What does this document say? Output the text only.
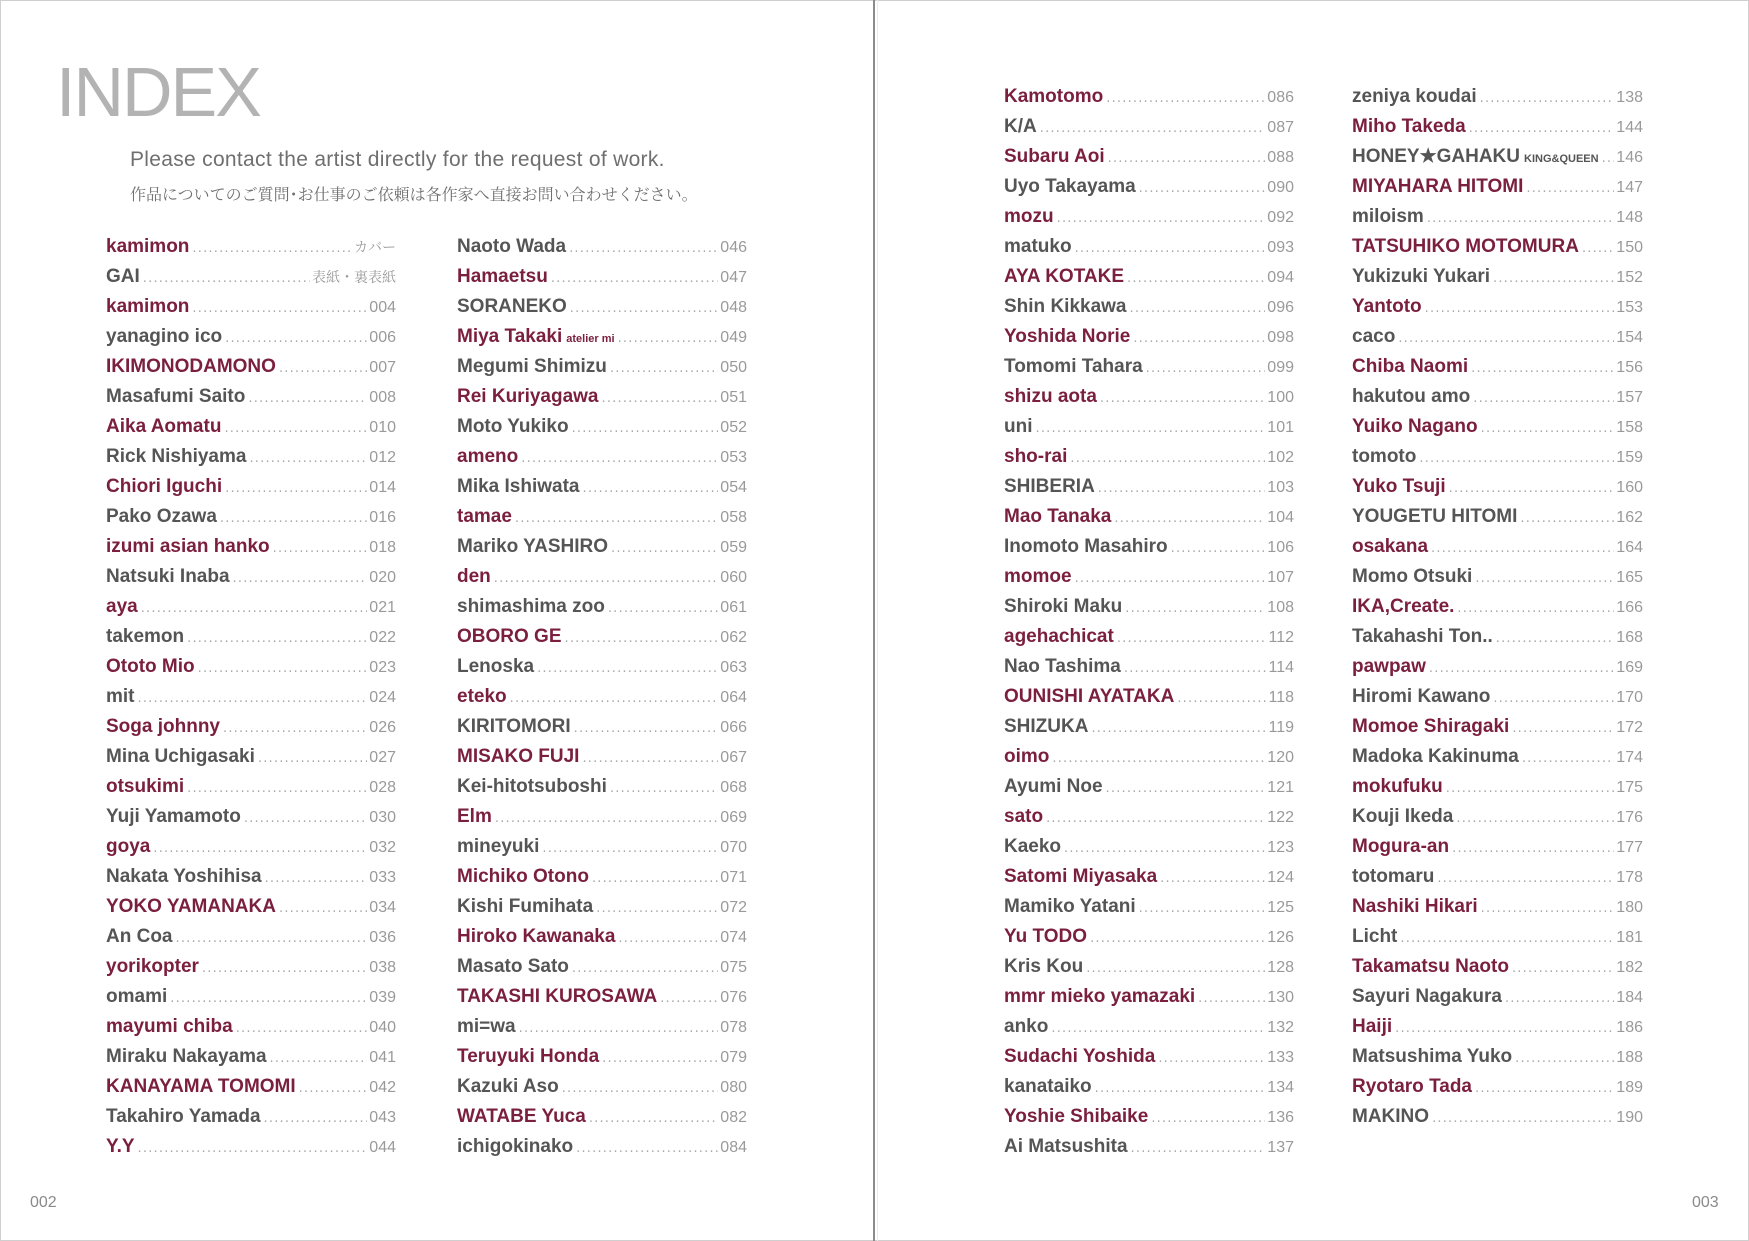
INDEX
Please contact the artist directly for the request of work.
作品についてのご質問･お仕事のご依頼は各作家へ直接お問い合わせください。
kamimon .....	カバー
GAI .....	表紙・裏表紙
kamimon .....	004
yanagino ico .....	006
IKIMONODAMONO .....	007
Masafumi Saito .....	008
Aika Aomatu .....	010
Rick Nishiyama .....	012
Chiori Iguchi .....	014
Pako Ozawa .....	016
izumi asian hanko .....	018
Natsuki Inaba .....	020
aya .....	021
takemon .....	022
Ototo Mio .....	023
mit .....	024
Soga johnny .....	026
Mina Uchigasaki .....	027
otsukimi .....	028
Yuji Yamamoto .....	030
goya .....	032
Nakata Yoshihisa .....	033
YOKO YAMANAKA .....	034
An Coa .....	036
yorikopter .....	038
omami .....	039
mayumi chiba .....	040
Miraku Nakayama .....	041
KANAYAMA TOMOMI .....	042
Takahiro Yamada .....	043
Y.Y .....	044
Naoto Wada .....	046
Hamaetsu .....	047
SORANEKO .....	048
Miya Takaki atelier mi .....	049
Megumi Shimizu .....	050
Rei Kuriyagawa .....	051
Moto Yukiko .....	052
ameno .....	053
Mika Ishiwata .....	054
tamae .....	058
Mariko YASHIRO .....	059
den .....	060
shimashima zoo .....	061
OBORO GE .....	062
Lenoska .....	063
eteko .....	064
KIRITOMORI .....	066
MISAKO FUJI .....	067
Kei-hitotsuboshi .....	068
Elm .....	069
mineyuki .....	070
Michiko Otono .....	071
Kishi Fumihata .....	072
Hiroko Kawanaka .....	074
Masato Sato .....	075
TAKASHI KUROSAWA .....	076
mi=wa .....	078
Teruyuki Honda .....	079
Kazuki Aso .....	080
WATABE Yuca .....	082
ichigokinako .....	084
Kamotomo .....	086
K/A .....	087
Subaru Aoi .....	088
Uyo Takayama .....	090
mozu .....	092
matuko .....	093
AYA KOTAKE .....	094
Shin Kikkawa .....	096
Yoshida Norie .....	098
Tomomi Tahara .....	099
shizu aota .....	100
uni .....	101
sho-rai .....	102
SHIBERIA .....	103
Mao Tanaka .....	104
Inomoto Masahiro .....	106
momoe .....	107
Shiroki Maku .....	108
agehachicat .....	112
Nao Tashima .....	114
OUNISHI AYATAKA .....	118
SHIZUKA .....	119
oimo .....	120
Ayumi Noe .....	121
sato .....	122
Kaeko .....	123
Satomi Miyasaka .....	124
Mamiko Yatani .....	125
Yu TODO .....	126
Kris Kou .....	128
mmr mieko yamazaki .....	130
anko .....	132
Sudachi Yoshida .....	133
kanataiko .....	134
Yoshie Shibaike .....	136
Ai Matsushita .....	137
zeniya koudai .....	138
Miho Takeda .....	144
HONEY★GAHAKU KING&QUEEN ..... 146
MIYAHARA HITOMI .....	147
miloism .....	148
TATSUHIKO MOTOMURA ..... 150
Yukizuki Yukari .....	152
Yantoto .....	153
caco .....	154
Chiba Naomi .....	156
hakutou amo .....	157
Yuiko Nagano .....	158
tomoto .....	159
Yuko Tsuji .....	160
YOUGETU HITOMI .....	162
osakana .....	164
Momo Otsuki .....	165
IKA,Create. .....	166
Takahashi Ton.. .....	168
pawpaw .....	169
Hiromi Kawano .....	170
Momoe Shiragaki .....	172
Madoka Kakinuma .....	174
mokufuku .....	175
Kouji Ikeda .....	176
Mogura-an .....	177
totomaru .....	178
Nashiki Hikari .....	180
Licht .....	181
Takamatsu Naoto .....	182
Sayuri Nagakura .....	184
Haiji .....	186
Matsushima Yuko .....	188
Ryotaro Tada .....	189
MAKINO .....	190
002	003
